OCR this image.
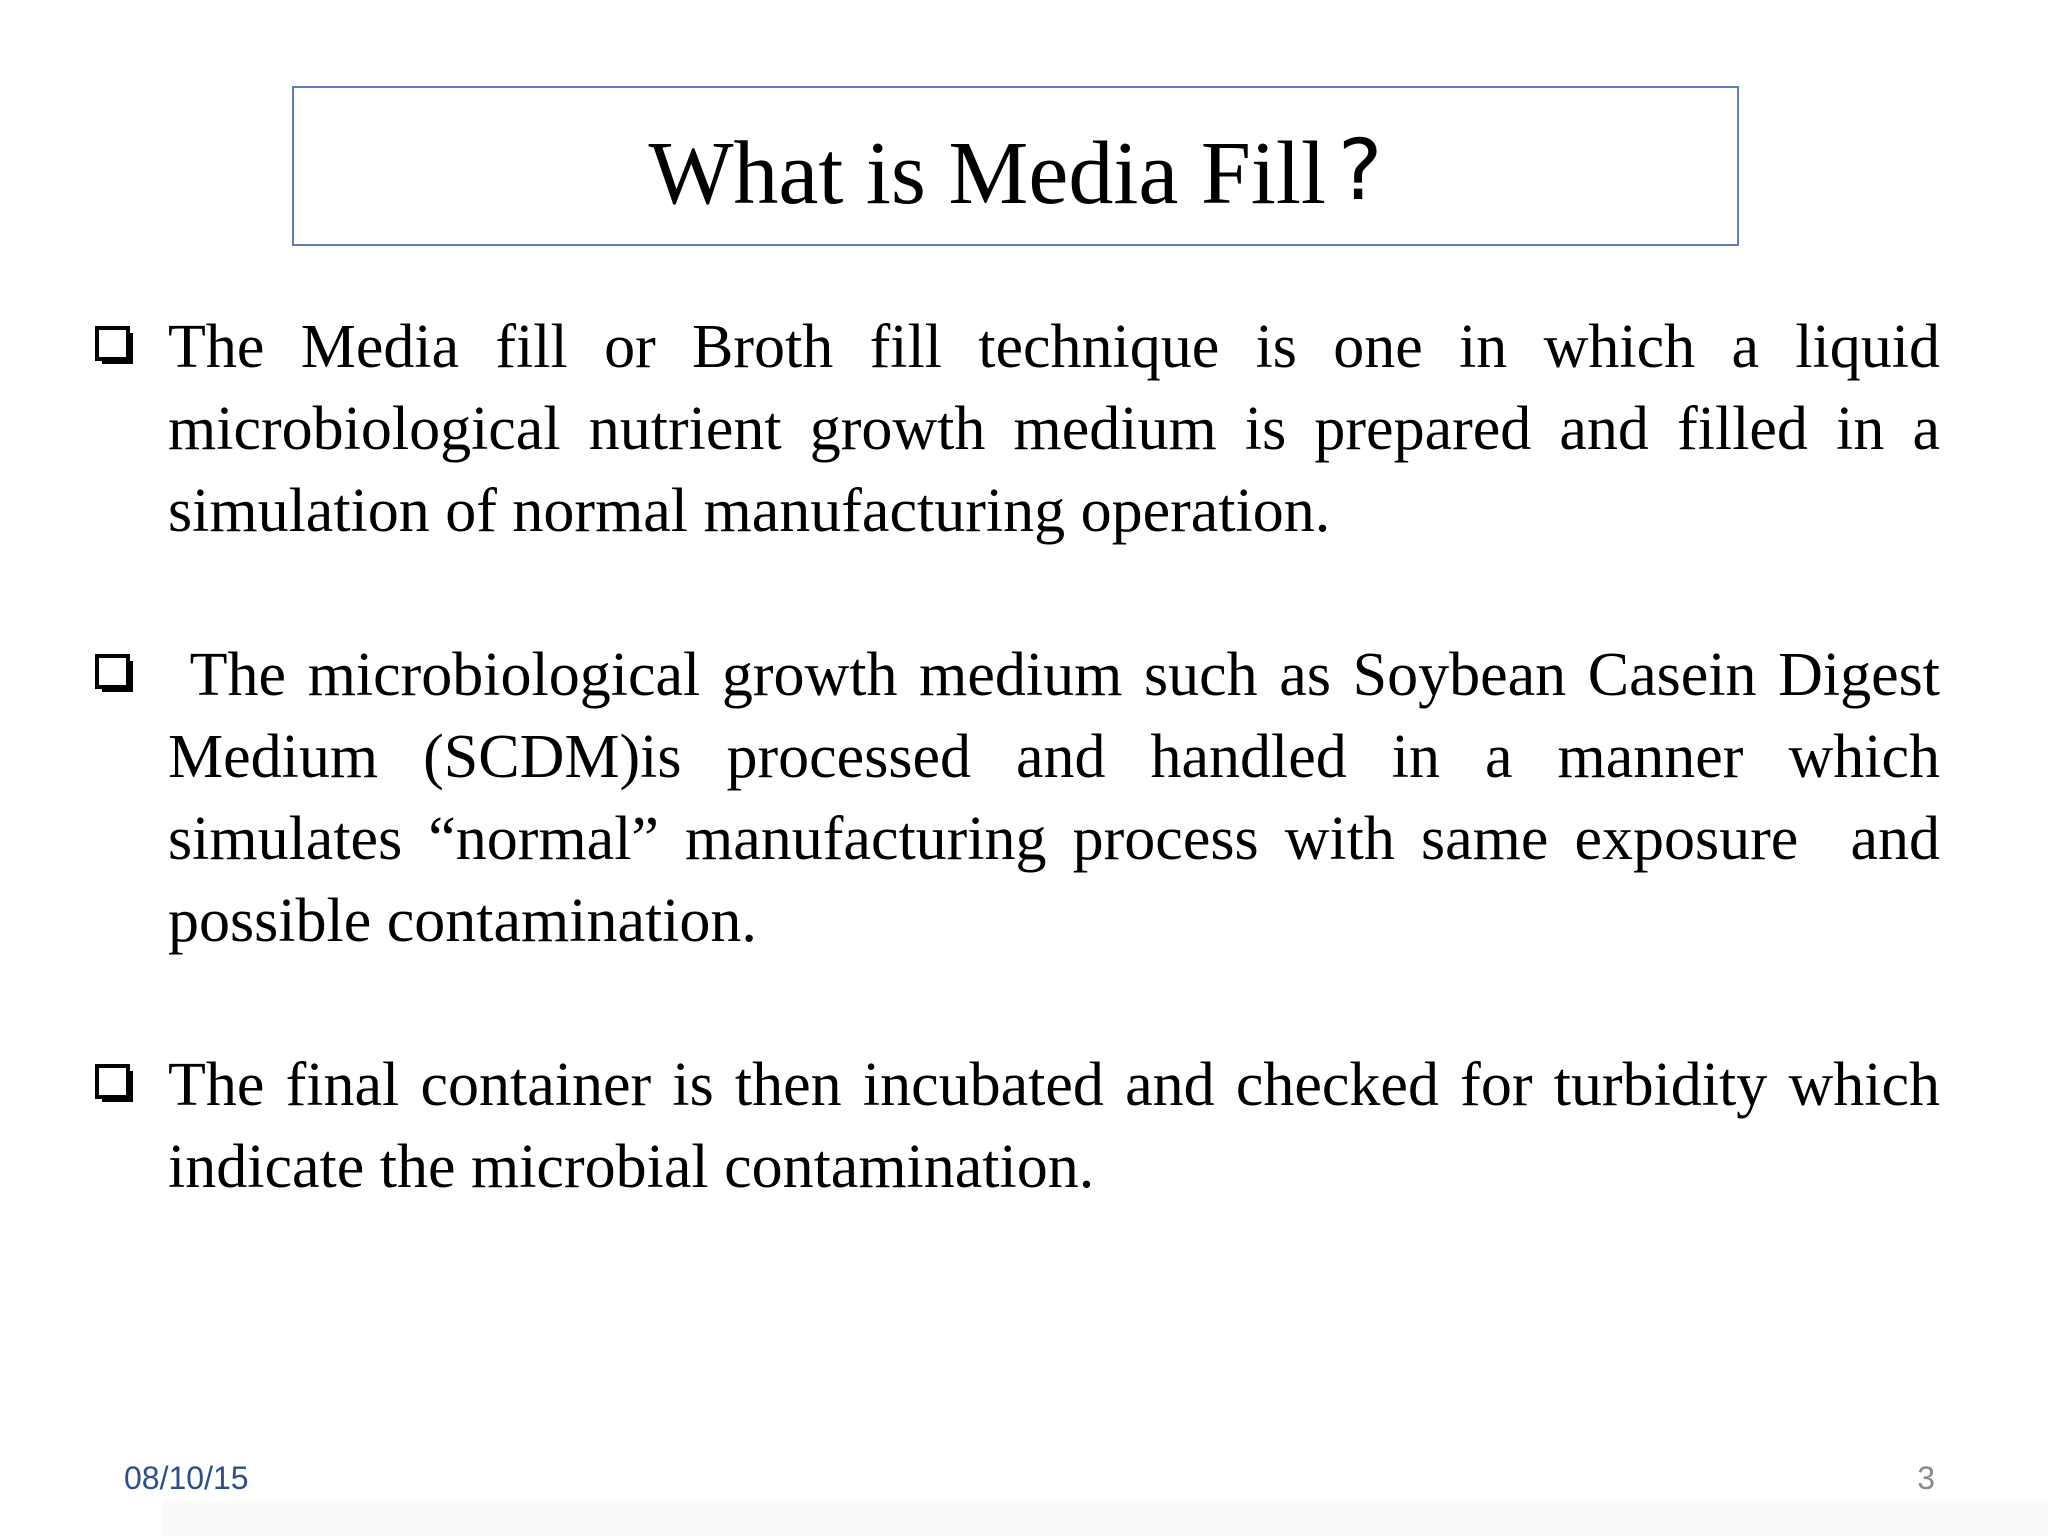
What is Media Fill ?

The Media fill or Broth fill technique is one in which a liquid microbiological nutrient growth medium is prepared and filled in a simulation of normal manufacturing operation.

The microbiological growth medium such as Soybean Casein Digest Medium (SCDM)is processed and handled in a manner which simulates “normal” manufacturing process with same exposure  and possible contamination.

The final container is then incubated and checked for turbidity which indicate the microbial contamination.

08/10/15	3
